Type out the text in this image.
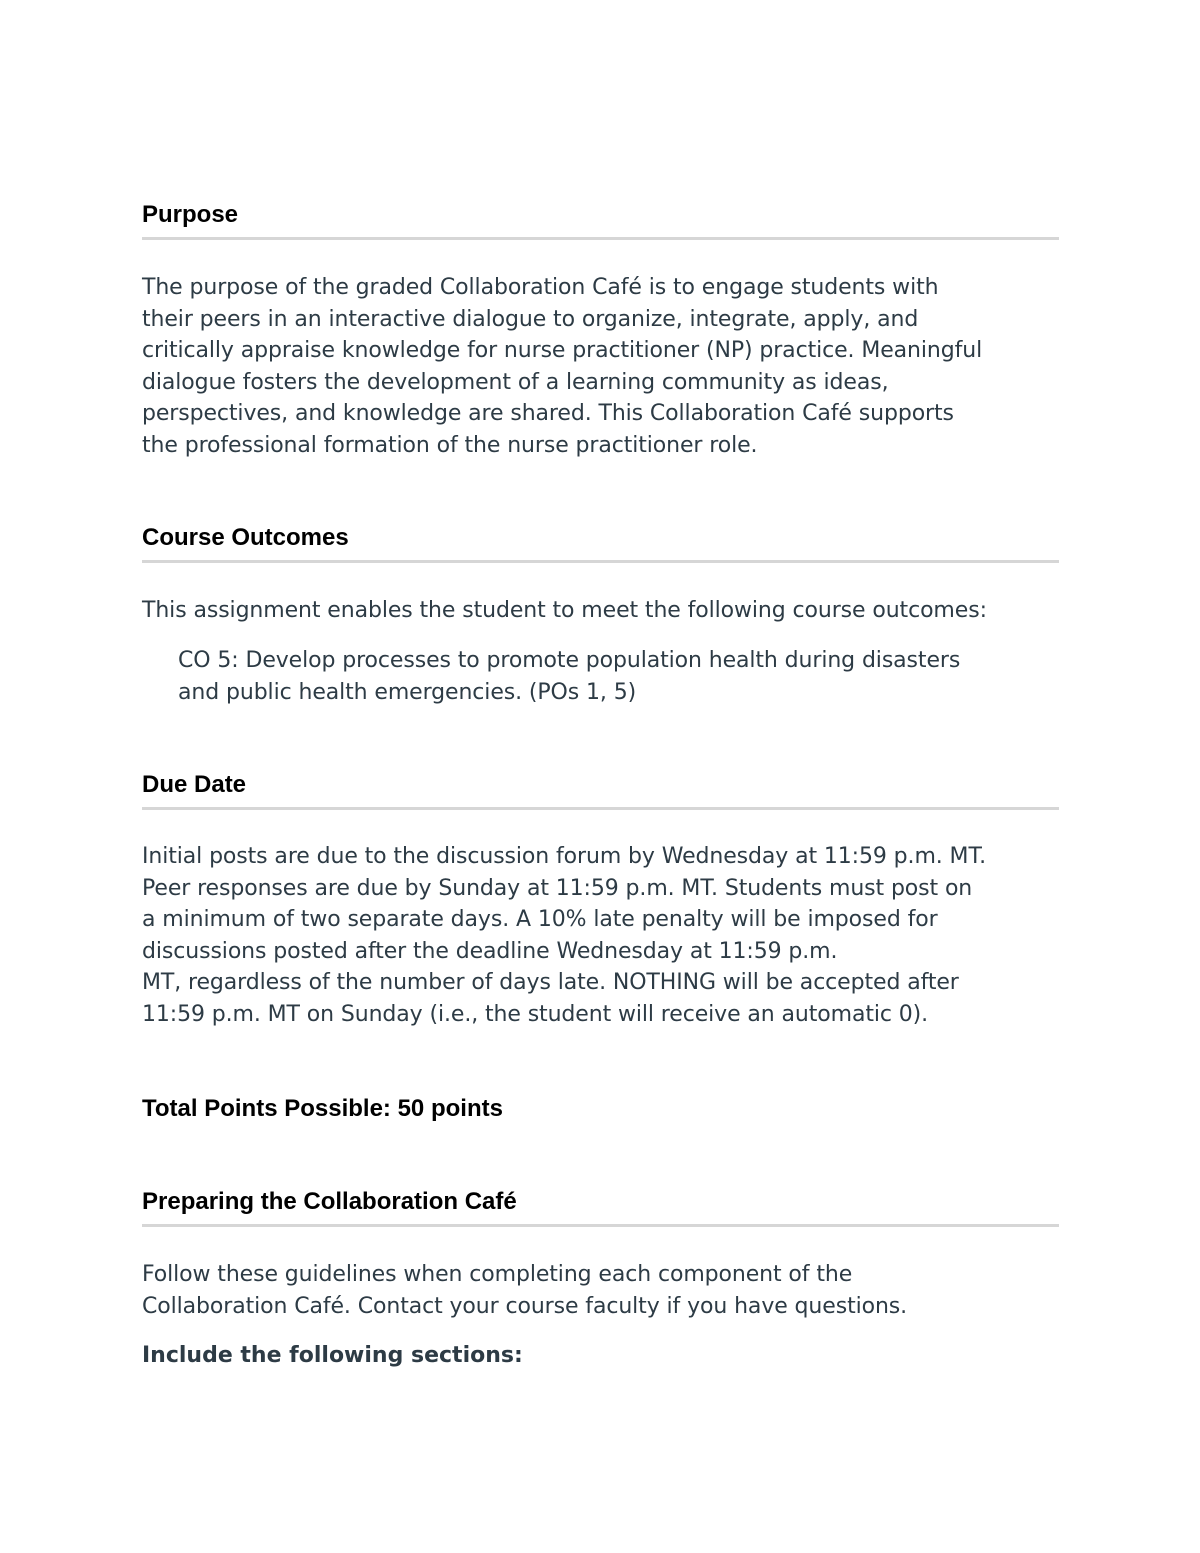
Purpose

The purpose of the graded Collaboration Café is to engage students with
their peers in an interactive dialogue to organize, integrate, apply, and
critically appraise knowledge for nurse practitioner (NP) practice. Meaningful
dialogue fosters the development of a learning community as ideas,
perspectives, and knowledge are shared. This Collaboration Café supports
the professional formation of the nurse practitioner role.

Course Outcomes

This assignment enables the student to meet the following course outcomes:

CO 5: Develop processes to promote population health during disasters
and public health emergencies. (POs 1, 5)

Due Date

Initial posts are due to the discussion forum by Wednesday at 11:59 p.m. MT.
Peer responses are due by Sunday at 11:59 p.m. MT. Students must post on
a minimum of two separate days. A 10% late penalty will be imposed for
discussions posted after the deadline Wednesday at 11:59 p.m.
MT, regardless of the number of days late. NOTHING will be accepted after
11:59 p.m. MT on Sunday (i.e., the student will receive an automatic 0).

Total Points Possible: 50 points
Preparing the Collaboration Café

Follow these guidelines when completing each component of the
Collaboration Café. Contact your course faculty if you have questions.

Include the following sections:
